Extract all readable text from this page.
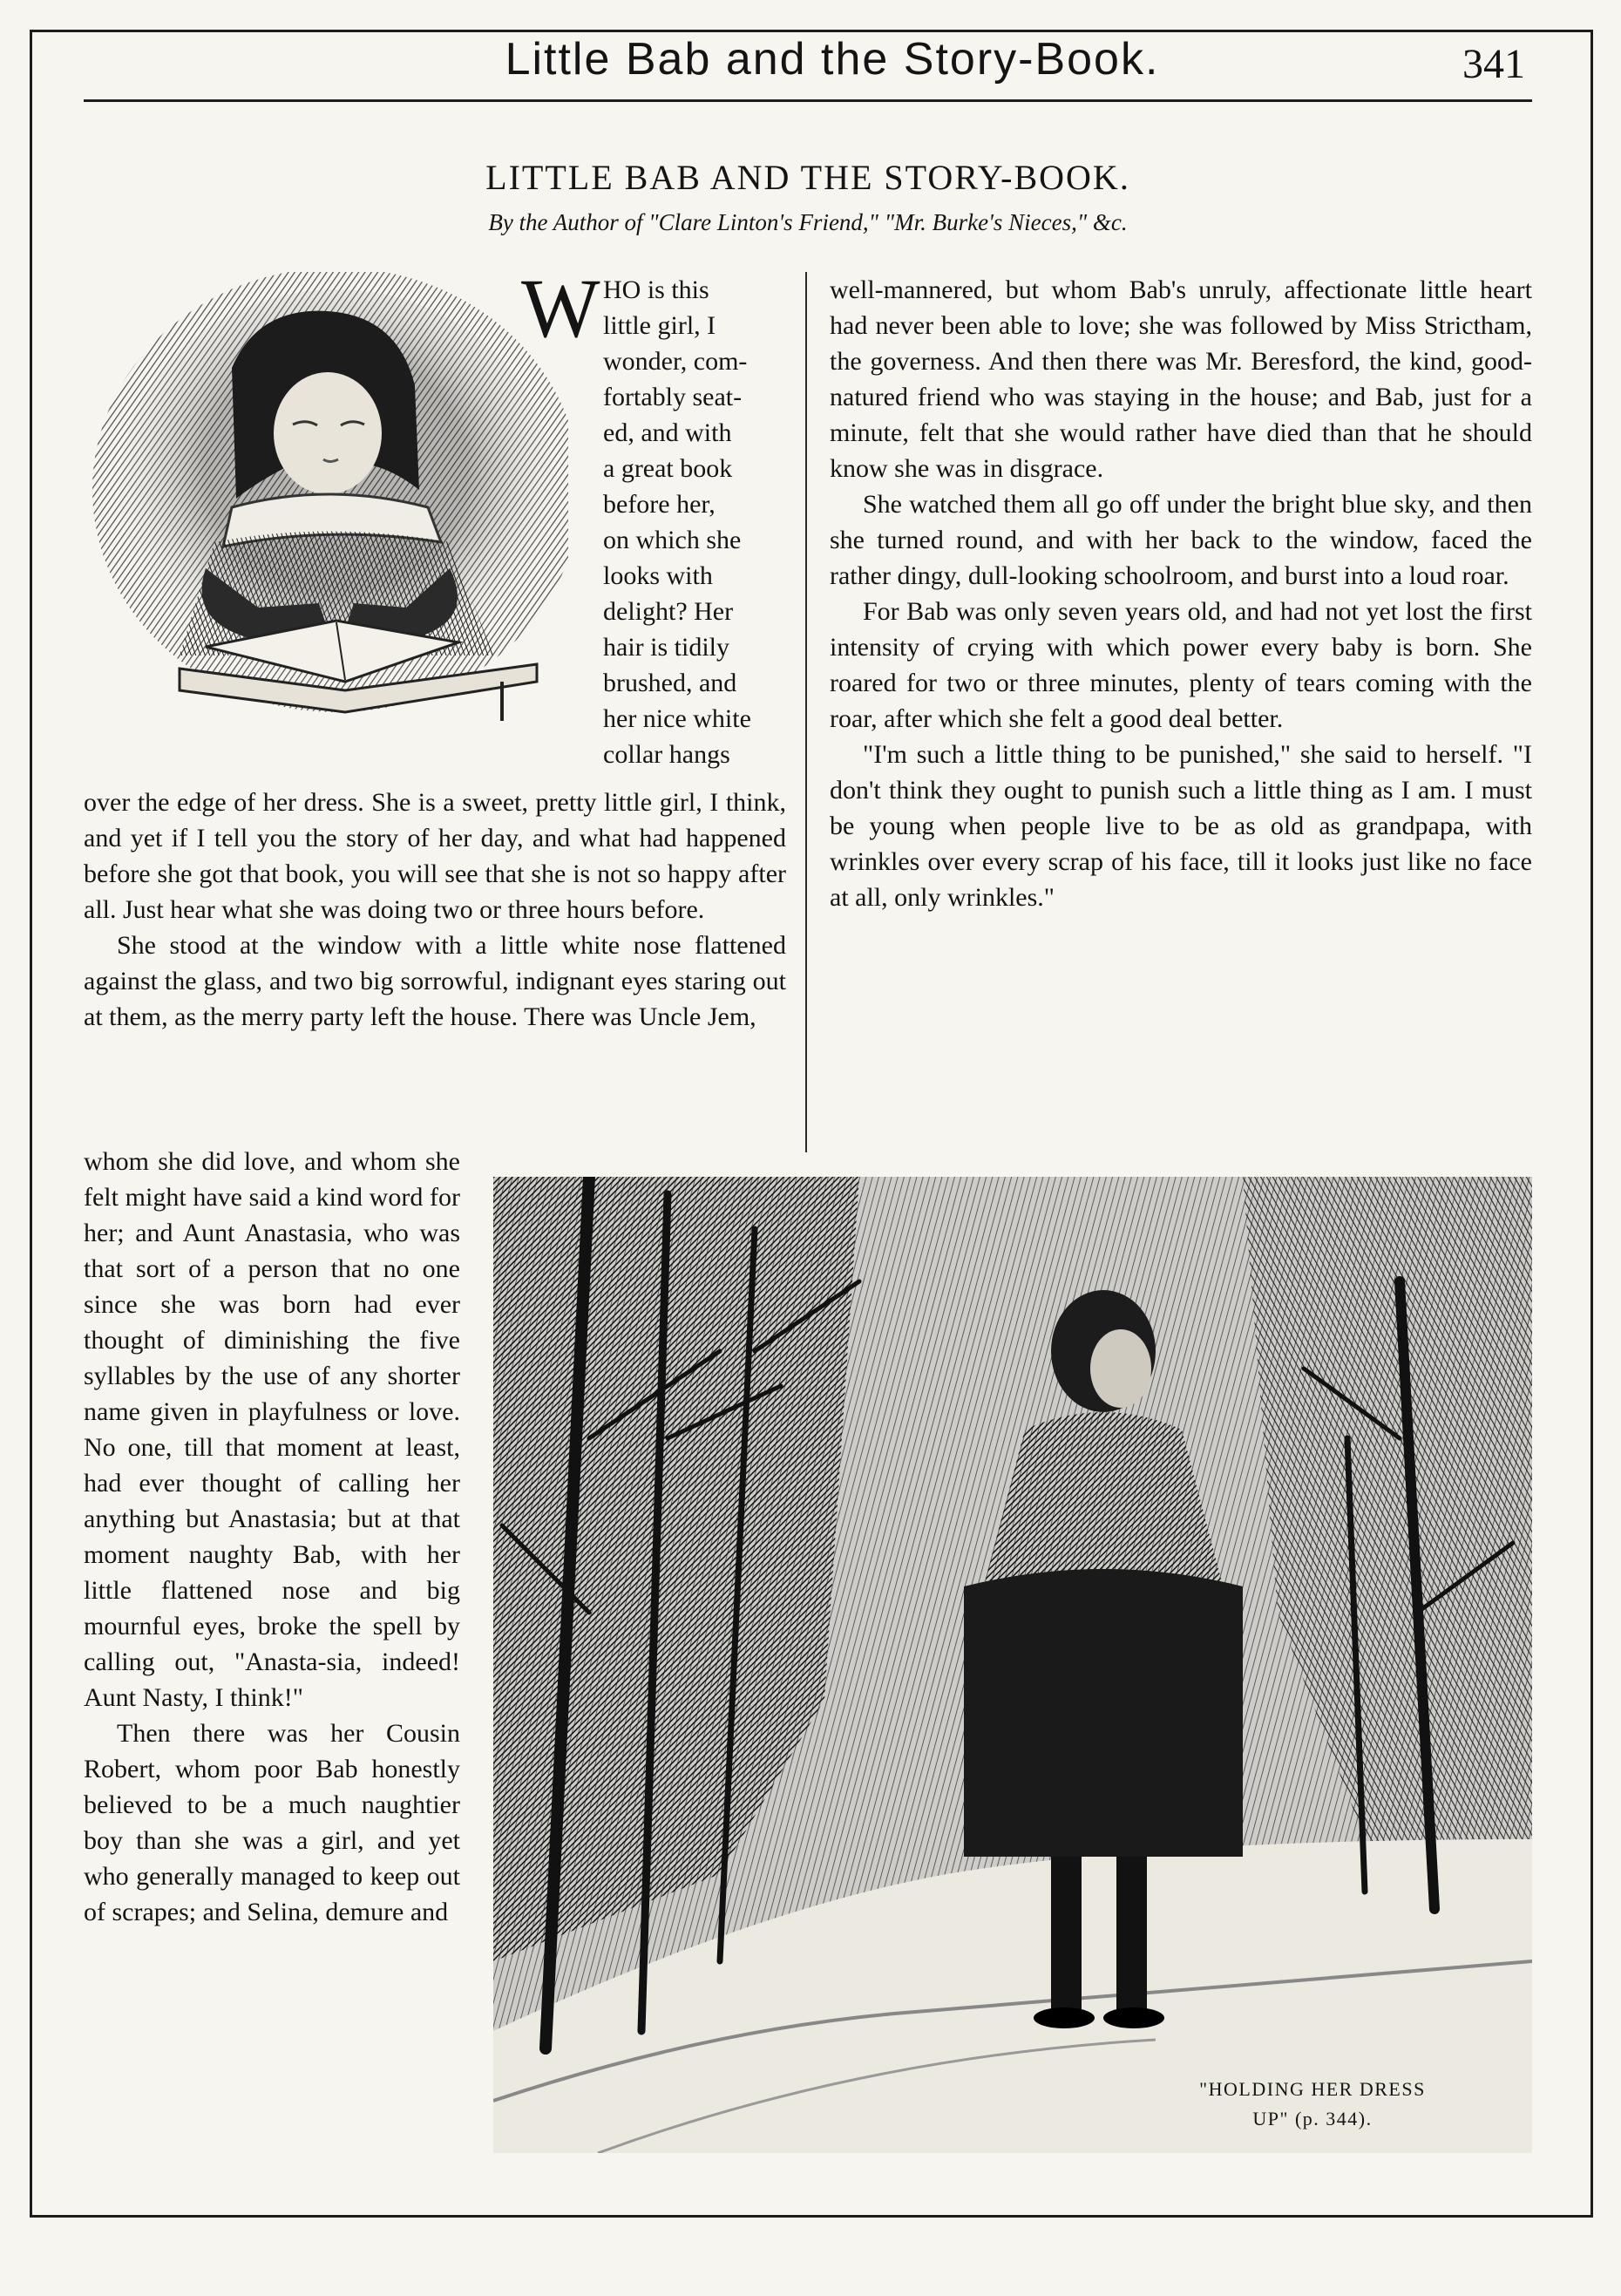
Little Bab and the Story-Book.	341
LITTLE BAB AND THE STORY-BOOK.
By the Author of "Clare Linton's Friend," "Mr. Burke's Nieces," &c.
W HO is this
little girl, I
wonder, com-
fortably seat-
ed, and with
a great book
before her,
on which she
looks with
delight? Her
hair is tidily
brushed, and
her nice white
collar hangs

over the edge of her dress. She is a sweet, pretty little girl, I think, and yet if I tell you the story of her day, and what had happened before she got that book, you will see that she is not so happy after all. Just hear what she was doing two or three hours before.

She stood at the window with a little white nose flattened against the glass, and two big sorrowful, indignant eyes staring out at them, as the merry party left the house. There was Uncle Jem,

well-mannered, but whom Bab's unruly, affectionate little heart had never been able to love; she was followed by Miss Strictham, the governess. And then there was Mr. Beresford, the kind, good-natured friend who was staying in the house; and Bab, just for a minute, felt that she would rather have died than that he should know she was in disgrace.

She watched them all go off under the bright blue sky, and then she turned round, and with her back to the window, faced the rather dingy, dull-looking schoolroom, and burst into a loud roar.

For Bab was only seven years old, and had not yet lost the first intensity of crying with which power every baby is born. She roared for two or three minutes, plenty of tears coming with the roar, after which she felt a good deal better.

"I'm such a little thing to be punished," she said to herself. "I don't think they ought to punish such a little thing as I am. I must be young when people live to be as old as grandpapa, with wrinkles over every scrap of his face, till it looks just like no face at all, only wrinkles."

whom she did love, and whom she felt might have said a kind word for her; and Aunt Anastasia, who was that sort of a person that no one since she was born had ever thought of diminishing the five syllables by the use of any shorter name given in playfulness or love. No one, till that moment at least, had ever thought of calling her anything but Anastasia; but at that moment naughty Bab, with her little flattened nose and big mournful eyes, broke the spell by calling out, "Anasta-sia, indeed! Aunt Nasty, I think!"

Then there was her Cousin Robert, whom poor Bab honestly believed to be a much naughtier boy than she was a girl, and yet who generally managed to keep out of scrapes; and Selina, demure and

"HOLDING HER DRESS
UP" (p. 344).
